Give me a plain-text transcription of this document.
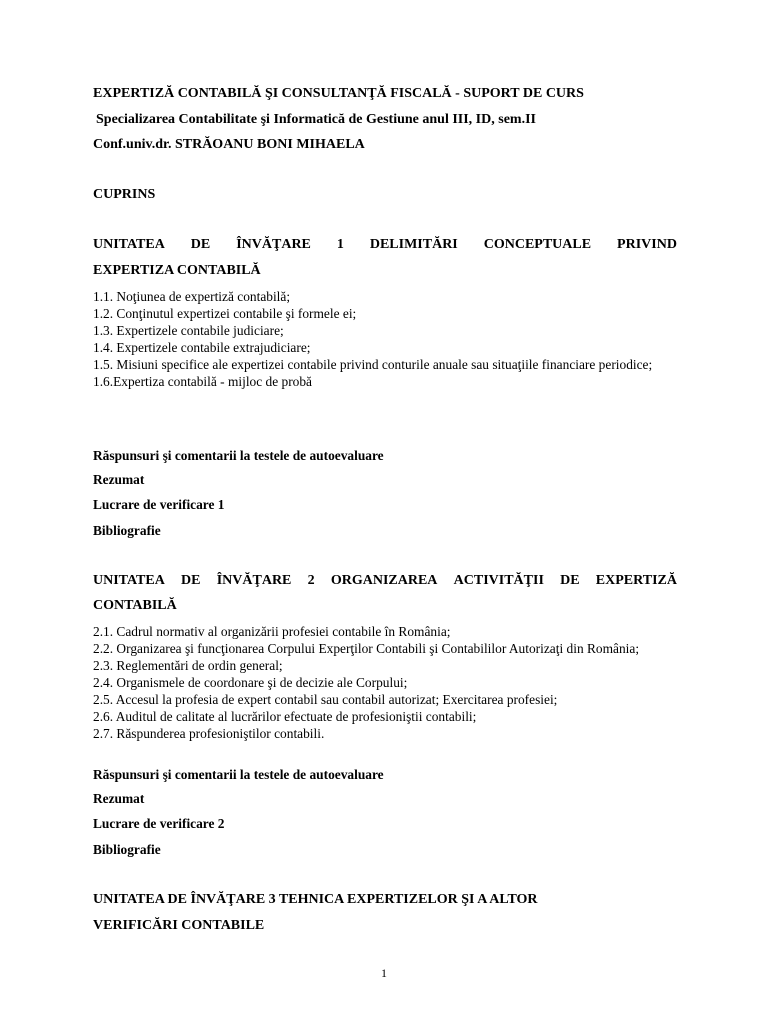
EXPERTIZĂ CONTABILĂ ŞI CONSULTANŢĂ FISCALĂ - SUPORT DE CURS
Specializarea Contabilitate şi Informatică de Gestiune anul III, ID, sem.II
Conf.univ.dr. STRĂOANU BONI MIHAELA
CUPRINS
UNITATEA DE ÎNVĂŢARE 1 DELIMITĂRI CONCEPTUALE PRIVIND
EXPERTIZA CONTABILĂ
1.1. Noţiunea de expertiză contabilă;
1.2. Conţinutul expertizei contabile şi formele ei;
1.3. Expertizele contabile judiciare;
1.4. Expertizele contabile extrajudiciare;
1.5. Misiuni specifice ale expertizei contabile privind conturile anuale sau situaţiile financiare periodice;
1.6.Expertiza contabilă - mijloc de probă
Răspunsuri şi comentarii la testele de autoevaluare
Rezumat
Lucrare de verificare 1
Bibliografie
UNITATEA DE ÎNVĂŢARE 2 ORGANIZAREA ACTIVITĂŢII DE EXPERTIZĂ
CONTABILĂ
2.1. Cadrul normativ al organizării profesiei contabile în România;
2.2. Organizarea şi funcţionarea Corpului Experţilor Contabili şi Contabililor Autorizaţi din România;
2.3. Reglementări de ordin general;
2.4. Organismele de coordonare şi de decizie ale Corpului;
2.5. Accesul la profesia de expert contabil sau contabil autorizat; Exercitarea profesiei;
2.6. Auditul de calitate al lucrărilor efectuate de profesioniştii contabili;
2.7. Răspunderea profesioniştilor contabili.
Răspunsuri şi comentarii la testele de autoevaluare
Rezumat
Lucrare de verificare 2
Bibliografie
UNITATEA DE ÎNVĂŢARE 3 TEHNICA EXPERTIZELOR ŞI A ALTOR
VERIFICĂRI CONTABILE
1
